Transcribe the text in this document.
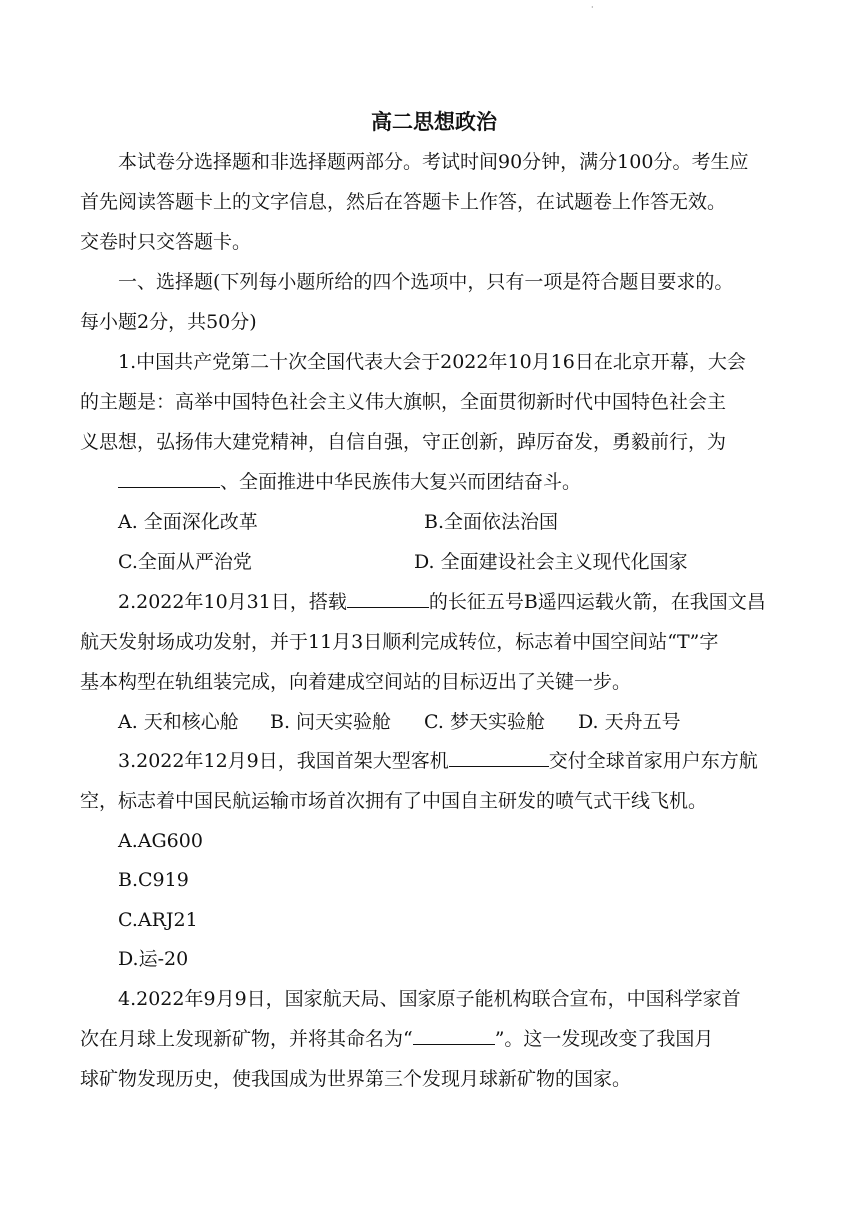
·
高二思想政治
本试卷分选择题和非选择题两部分。考试时间90分钟，满分100分。考生应
首先阅读答题卡上的文字信息，然后在答题卡上作答，在试题卷上作答无效。
交卷时只交答题卡。
一、选择题(下列每小题所给的四个选项中，只有一项是符合题目要求的。
每小题2分，共50分)
1.中国共产党第二十次全国代表大会于2022年10月16日在北京开幕，大会
的主题是：高举中国特色社会主义伟大旗帜，全面贯彻新时代中国特色社会主
义思想，弘扬伟大建党精神，自信自强，守正创新，踔厉奋发，勇毅前行，为
、全面推进中华民族伟大复兴而团结奋斗。
A. 全面深化改革	B.全面依法治国
C.全面从严治党	D. 全面建设社会主义现代化国家
2.2022年10月31日，搭载	的长征五号B遥四运载火箭，在我国文昌
航天发射场成功发射，并于11月3日顺利完成转位，标志着中国空间站“T”字
基本构型在轨组装完成，向着建成空间站的目标迈出了关键一步。
A. 天和核心舱 B. 问天实验舱 C. 梦天实验舱 D. 天舟五号
3.2022年12月9日，我国首架大型客机	交付全球首家用户东方航
空，标志着中国民航运输市场首次拥有了中国自主研发的喷气式干线飞机。
A.AG600
B.C919
C.ARJ21
D.运-20
4.2022年9月9日，国家航天局、国家原子能机构联合宣布，中国科学家首
次在月球上发现新矿物，并将其命名为“	”。这一发现改变了我国月
球矿物发现历史，使我国成为世界第三个发现月球新矿物的国家。
